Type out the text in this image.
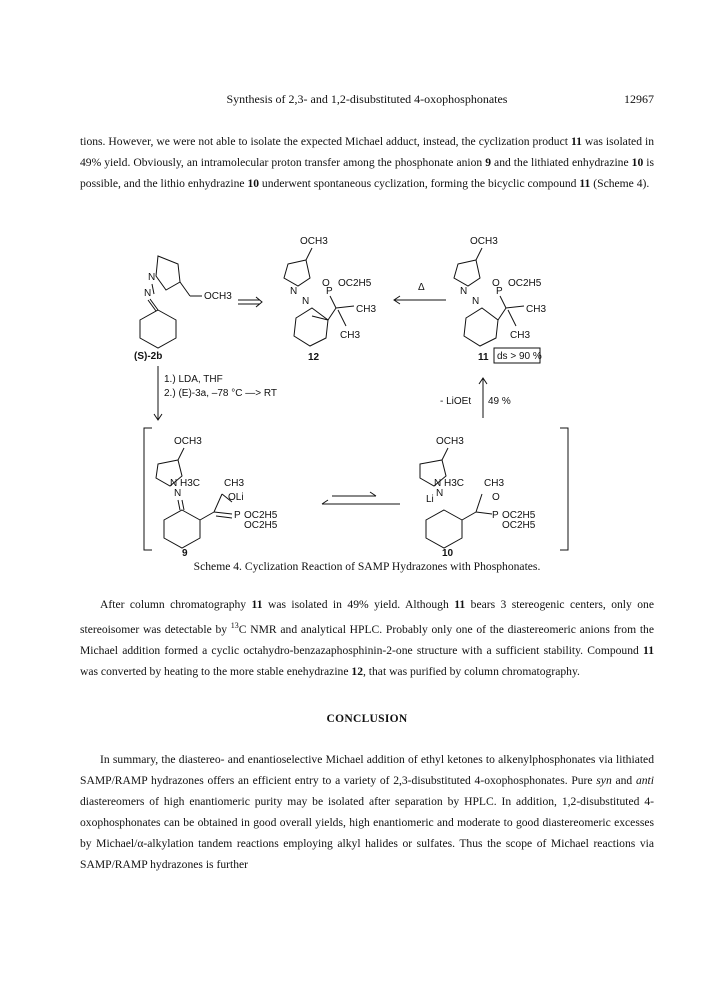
Synthesis of 2,3- and 1,2-disubstituted 4-oxophosphonates	12967

tions. However, we were not able to isolate the expected Michael adduct, instead, the cyclization product 11 was isolated in 49% yield. Obviously, an intramolecular proton transfer among the phosphonate anion 9 and the lithiated enhydrazine 10 is possible, and the lithio enhydrazine 10 underwent spontaneous cyclization, forming the bicyclic compound 11 (Scheme 4).

OCH3
N
N
(S)-2b
OCH3
N
N
O
P
OC2H5
CH3
CH3
12
Δ
OCH3
N
N
O
P
OC2H5
CH3
CH3
11 ds > 90 %
1.) LDA, THF
2.) (E)-3a, –78 °C —> RT
- LiOEt 49 %
OCH3
N H3C
N
CH3
OLi
P OC2H5
OC2H5
9
OCH3
N H3C
N
Li
CH3
O
P OC2H5
OC2H5
10
Scheme 4. Cyclization Reaction of SAMP Hydrazones with Phosphonates.

After column chromatography 11 was isolated in 49% yield. Although 11 bears 3 stereogenic centers, only one stereoisomer was detectable by $^{13}$C NMR and analytical HPLC. Probably only one of the diastereomeric anions from the Michael addition formed a cyclic octahydro-benzazaphosphinin-2-one structure with a sufficient stability. Compound 11 was converted by heating to the more stable enehydrazine 12, that was purified by column chromatography.

CONCLUSION

In summary, the diastereo- and enantioselective Michael addition of ethyl ketones to alkenylphosphonates via lithiated SAMP/RAMP hydrazones offers an efficient entry to a variety of 2,3-disubstituted 4-oxophosphonates. Pure syn and anti diastereomers of high enantiomeric purity may be isolated after separation by HPLC. In addition, 1,2-disubstituted 4-oxophosphonates can be obtained in good overall yields, high enantiomeric and moderate to good diastereomeric excesses by Michael/α-alkylation tandem reactions employing alkyl halides or sulfates. Thus the scope of Michael reactions via SAMP/RAMP hydrazones is further
